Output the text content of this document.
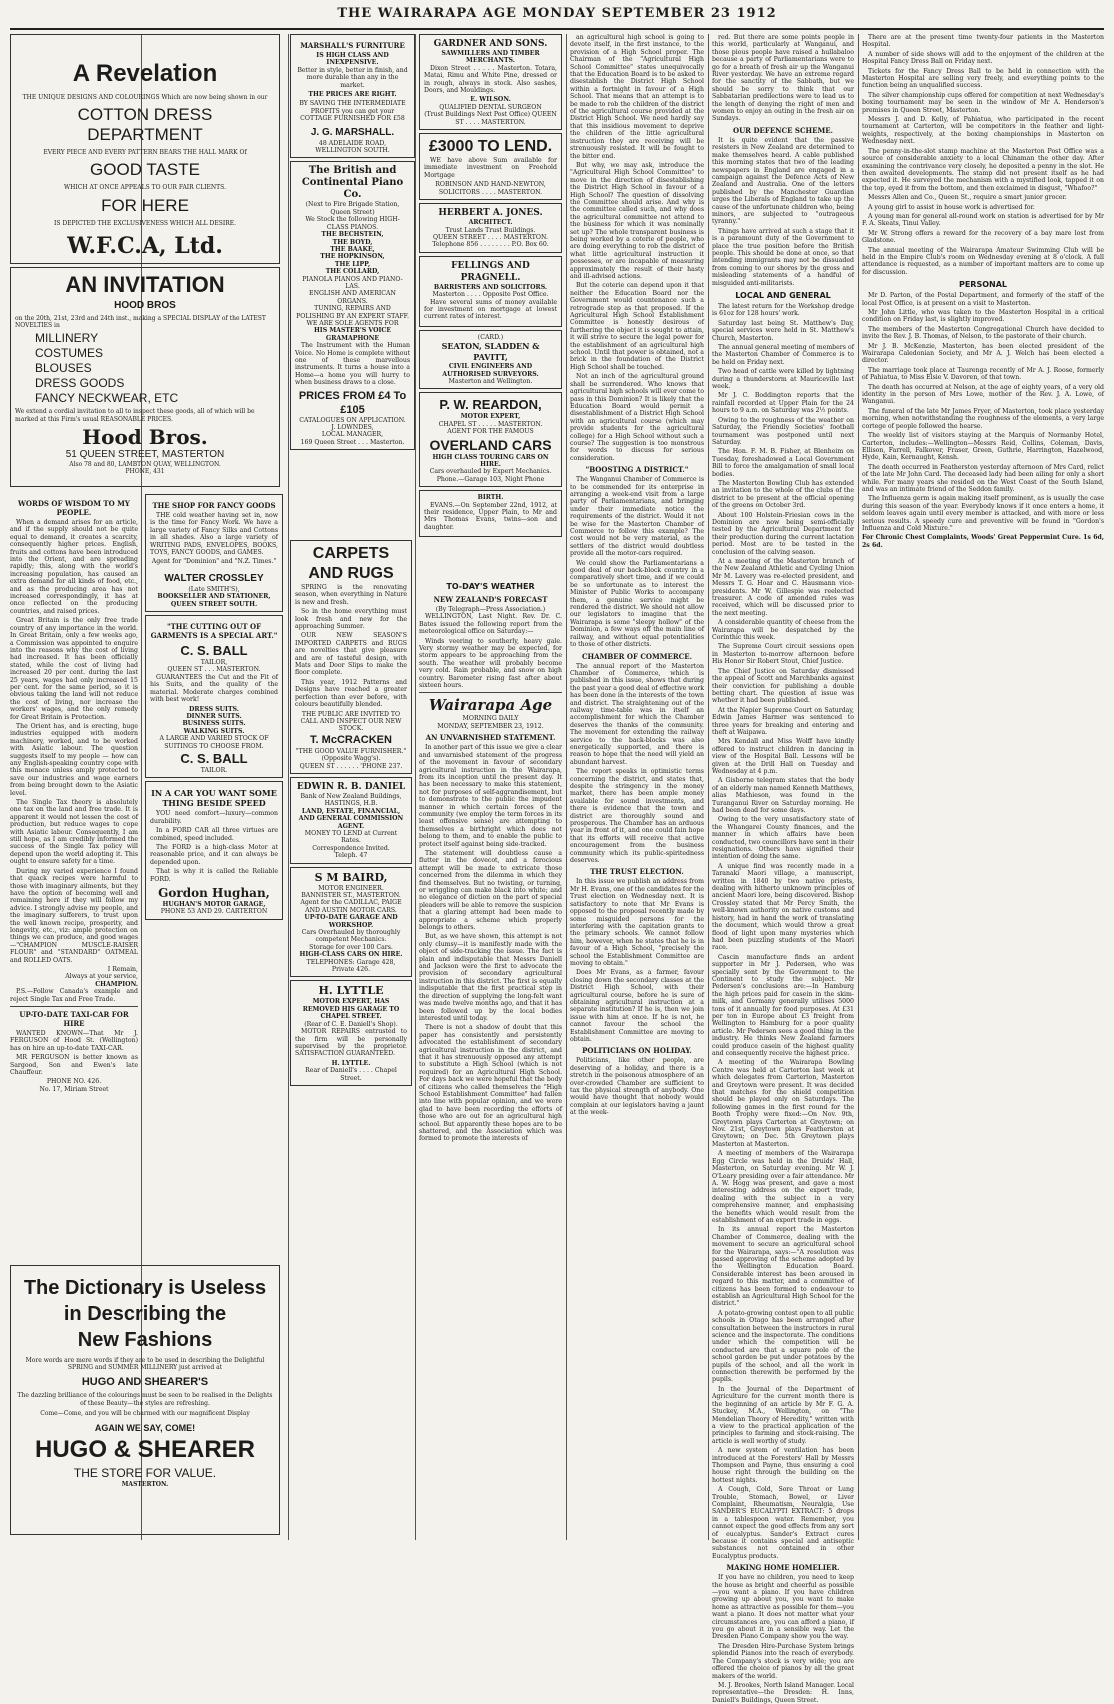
THE WAIRARAPA AGE MONDAY SEPTEMBER 23 1912
A Revelation
THE UNIQUE DESIGNS AND COLOURINGS Which are now being shown in our
COTTON DRESS
DEPARTMENT
EVERY PIECE AND EVERY PATTERN BEARS THE HALL MARK Of
GOOD TASTE
WHICH AT ONCE APPEALS TO OUR FAIR CLIENTS.
FOR HERE
IS DEPICTED THE EXCLUSIVENESS WHICH ALL DESIRE.
W.F.C.A, Ltd.
AN INVITATION
HOOD BROS
on the 20th, 21st, 23rd and 24th inst., making a SPECIAL DISPLAY of the LATEST NOVELTIES in
MILLINERY
COSTUMES
BLOUSES
DRESS GOODS
FANCY NECKWEAR, ETC
We extend a cordial invitation to all to inspect these goods, all of which will be marked at this Firm's usual REASONABLE PRICES.
Hood Bros.
51 QUEEN STREET, MASTERTON
Also 78 and 80, LAMBTON QUAY, WELLINGTON.
PHONE, 431
WORDS OF WISDOM TO MY PEOPLE.

When a demand arises for an article, and if the supply should not be quite equal to demand, it creates a scarcity, consequently higher prices. English, fruits and cottons have been introduced into the Orient, and are spreading rapidly; this, along with the world's increasing population, has caused an extra demand for all kinds of food, etc., and as the producing area has not increased correspondingly, it has at once reflected on the producing countries, and raised prices.

Great Britain is the only free trade country of any importance in the world. In Great Britain, only a few weeks ago, a Commission was appointed to enquire into the reasons why the cost of living had increased. It has been officially stated, while the cost of living had increased 20 per cent. during the last 25 years, wages had only increased 15 per cent. for the same period, so it is obvious taking the land will not reduce the cost of living, nor increase the workers' wages, and the only remedy for Great Britain is Protection.

The Orient has, and is erecting, huge industries equipped with modern machinery, worked, and to be worked with Asiatic labour. The question suggests itself to my people — how can any English-speaking country cope with this menace unless amply protected to save our industries and wage earners from being brought down to the Asiatic level.

The Single Tax theory is absolutely one tax on the land and free trade. It is apparent it would not lessen the cost of production, but reduce wages to cope with Asiatic labour. Consequently, I am still hope, as I am credibly informed the success of the Single Tax policy will depend upon the world adopting it. This ought to ensure safety for a time.

During my varied experience I found that quack recipes were harmful to those with imaginary ailments, but they have the option of becoming well and remaining here if they will follow my advice. I strongly advise my people, and the imaginary sufferers, to trust upon the well known recipe, prosperity, and longevity, etc., viz: ample protection on things we can produce, and good wages—"CHAMPION MUSCLE-RAISER FLOUR" and "STANDARD" OATMEAL and ROLLED OATS.

I Remain,
Always at your service,
CHAMPION.

P.S.—Follow Canada's example and reject Single Tax and Free Trade.

UP-TO-DATE TAXI-CAR FOR HIRE

WANTED KNOWN—That Mr J. FERGUSON of Hood St. (Wellington) has on hire an up-to-date TAXI-CAR.

MR FERGUSON is better known as Sargood, Son and Ewen's late Chauffeur.

PHONE NO. 426.
No. 17, Miriam Street
The Dictionary is Useless
in Describing the
New Fashions
More words are mere words if they are to be used in describing the Delightful SPRING and SUMMER MILLINERY just arrived at
HUGO AND SHEARER'S
The dazzling brilliance of the colourings must be seen to be realised in the Delights of these Beauty—the styles are refreshing.
Come—Come, and you will be charmed with our magnificent Display
AGAIN WE SAY, COME!
HUGO & SHEARER
THE STORE FOR VALUE.
MASTERTON.
THE SHOP FOR FANCY GOODS

THE cold weather having set in, now is the time for Fancy Work. We have a large variety of Fancy Silks and Cottons in all shades. Also a large variety of WRITING PADS, ENVELOPES, BOOKS, TOYS, FANCY GOODS, and GAMES.

Agent for "Dominion" and "N.Z. Times."
WALTER CROSSLEY
(Late SMITH'S),
BOOKSELLER AND STATIONER, QUEEN STREET SOUTH.
"THE CUTTING OUT OF GARMENTS IS A SPECIAL ART."
C. S. BALL
TAILOR,
QUEEN ST . . . MASTERTON.

GUARANTEES the Cut and the Fit of his Suits, and the quality of the material. Moderate charges combined with best work!

DRESS SUITS.
DINNER SUITS.
BUSINESS SUITS.
WALKING SUITS.
A LARGE AND VARIED STOCK OF SUITINGS TO CHOOSE FROM.
C. S. BALL
TAILOR.
IN A CAR YOU WANT SOME THING BESIDE SPEED

YOU need comfort—luxury—common durability.

In a FORD CAR all three virtues are combined, speed included.

The FORD is a high-class Motor at reasonable price, and it can always be depended upon.

That is why it is called the Reliable FORD.

Gordon Hughan,
HUGHAN'S MOTOR GARAGE,
PHONE 53 AND 29. CARTERTON
MARSHALL'S FURNITURE
IS HIGH CLASS AND INEXPENSIVE.
Better in style, better in finish, and more durable than any in the market.
THE PRICES ARE RIGHT.
BY SAVING THE INTERMEDIATE PROFITS you can get your COTTAGE FURNISHED FOR £58
J. G. MARSHALL.
48 ADELAIDE ROAD,
WELLINGTON SOUTH.
The British and Continental Piano Co.
(Next to Fire Brigade Station, Queen Street)
We Stock the following HIGH-CLASS PIANOS.
THE BECHSTEIN,
THE BOYD,
THE BAAKE,
THE HOPKINSON,
THE LIPP,
THE COLLARD,
PIANOLA PIANOS AND PIANO-LAS.
ENGLISH AND AMERICAN ORGANS.
TUNING, REPAIRS AND POLISHING BY AN EXPERT STAFF.
WE ARE SOLE AGENTS FOR
HIS MASTER'S VOICE GRAMAPHONE

The Instrument with the Human Voice. No Home is complete without one of these marvellous instruments. It turns a house into a Home—a home you will hurry to when business draws to a close.

PRICES FROM £4 To £105
CATALOGUES ON APPLICATION.
J. LOWNDES,
LOCAL MANAGER,
169 Queen Street . . . Masterton.
CARPETS AND RUGS

SPRING is the renovating season, when everything in Nature is new and fresh.

So in the home everything must look fresh and new for the approaching Summer.

OUR NEW SEASON'S IMPORTED CARPETS and RUGS are novelties that give pleasure and are of tasteful design, with Mats and Door Slips to make the floor complete.

This year, 1912 Patterns and Designs have reached a greater perfection than ever before, with colours beautifully blended.

THE PUBLIC ARE INVITED TO CALL AND INSPECT OUR NEW STOCK.
T. McCRACKEN
"THE GOOD VALUE FURNISHER."
(Opposite Wagg's).
QUEEN ST . . . . . . 'PHONE 237.
EDWIN R. B. DANIEL
Bank of New Zealand Buildings,
HASTINGS, H.B.
LAND, ESTATE, FINANCIAL, AND GENERAL COMMISSION AGENT.
MONEY TO LEND at Current Rates.
Correspondence Invited.
Teleph. 47
S M BAIRD,
MOTOR ENGINEER.
BANNISTER ST., MASTERTON.
Agent for the CADILLAC, PAIGE AND AUSTIN MOTOR CARS.
UP-TO-DATE GARAGE AND WORKSHOP.
Cars Overhauled by thoroughly competent Mechanics.
Storage for over 100 Cars.
HIGH-CLASS CARS ON HIRE.
TELEPHONES: Garage 428, Private 426.
H. LYTTLE
MOTOR EXPERT, HAS REMOVED HIS GARAGE TO CHAPEL STREET.
(Rear of C. E. Daniell's Shop).

MOTOR REPAIRS entrusted to the firm will be personally supervised by the proprietor. SATISFACTION GUARANTEED.

H. LYTTLE.
Rear of Daniell's . . . . Chapel Street.
GARDNER AND SONS.
SAWMILLERS AND TIMBER MERCHANTS.

Dixon Street . . . . . Masterton. Totara, Matai, Rimu and White Pine, dressed or in rough, always in stock. Also sashes, Doors, and Mouldings.

E. WILSON.
QUALIFIED DENTAL SURGEON
(Trust Buildings Next Post Office) QUEEN ST . . . . MASTERTON.
£3000 TO LEND.

WE have above Sum available for immediate investment on Freehold Mortgage

ROBINSON AND HAND-NEWTON, SOLICITORS . . . . MASTERTON.
HERBERT A. JONES.
ARCHITECT.
Trust Lands Trust Buildings.
QUEEN STREET . . . . MASTERTON.
Telephone 856 . . . . . . . . P.O. Box 60.
FELLINGS AND PRAGNELL.
BARRISTERS AND SOLICITORS.
Masterton . . . . Opposite Post Office.

Have several sums of money available for investment on mortgage at lowest current rates of interest.

(CARD.)
SEATON, SLADDEN & PAVITT,
CIVIL ENGINEERS AND AUTHORISED SURVEYORS.
Masterton and Wellington.
P. W. REARDON,
MOTOR EXPERT,
CHAPEL ST . . . . . MASTERTON.
AGENT FOR THE FAMOUS
OVERLAND CARS
HIGH CLASS TOURING CARS ON HIRE.
Cars overhauled by Expert Mechanics.
Phone.—Garage 103, Night Phone
BIRTH.

EVANS.—On September 22nd, 1912, at their residence, Upper Plain, to Mr and Mrs Thomas Evans, twins—son and daughter.

TO-DAY'S WEATHER
NEW ZEALAND'S FORECAST
(By Telegraph—Press Association.)

WELLINGTON, Last Night. Rev. Dr. C. Bates issued the following report from the meteorological office on Saturday:—

Winds veering to southerly, heavy gale. Very stormy weather may be expected, for storm appears to be approaching from the south. The weather will probably become very cold. Rain probable, and snow on high country. Barometer rising fast after about sixteen hours.

Wairarapa Age
MORNING DAILY
MONDAY, SEPTEMBER 23, 1912.
AN UNVARNISHED STATEMENT.

In another part of this issue we give a clear and unvarnished statement of the progress of the movement in favour of secondary agricultural instruction in the Wairarapa, from its inception until the present day. It has been necessary to make this statement, not for purposes of self-aggrandisement, but to demonstrate to the public the impudent manner in which certain forces of the community (we employ the term forces in its least offensive sense) are attempting to themselves a birthright which does not belong to them, and to enable the public to protect itself against being side-tracked.

The statement will doubtless cause a flutter in the dovecot, and a ferocious attempt will be made to extricate those concerned from the dilemma in which they find themselves. But no twisting, or turning, or wriggling can make black into white; and no elegance of diction on the part of special pleaders will be able to remove the suspicion that a glaring attempt had been made to appropriate a scheme which properly belongs to others.

But, as we have shown, this attempt is not only clumsy—it is manifestly made with the object of side-tracking the issue. The fact is plain and indisputable that Messrs Daniell and Jackson were the first to advocate the provision of secondary agricultural instruction in this district. The first is equally indisputable that the first practical step in the direction of supplying the long-felt want was made twelve months ago, and that it has been followed up by the local bodies interested until today.

There is not a shadow of doubt that this paper has consistently and persistently advocated the establishment of secondary agricultural instruction in the district, and that it has strenuously opposed any attempt to substitute a High School (which is not required) for an Agricultural High School. For days back we were hopeful that the body of citizens who called themselves the "High School Establishment Committee" had fallen into line with popular opinion, and we were glad to have been recording the efforts of those who are out for an agricultural high school. But apparently these hopes are to be shattered, and the Association which was formed to promote the interests of

an agricultural high school is going to devote itself, in the first instance, to the provision of a High School proper. The Chairman of the "Agricultural High School Committee" states unequivocally that the Education Board is to be asked to disestablish the District High School within a fortnight in favour of a High School. That means that an attempt is to be made to rob the children of the district of the agricultural course provided at the District High School. We need hardly say that this insidious movement to deprive the children of the little agricultural instruction they are receiving will be strenuously resisted. It will be fought to the bitter end.

But why, we may ask, introduce the "Agricultural High School Committee" to move in the direction of disestablishing the District High School in favour of a High School? The question of dissolving the Committee should arise. And why is the committee called such, and why does the agricultural committee not attend to the business for which it was nominally set up? The whole transparent business is being worked by a coterie of people, who are doing everything to rob the district of what little agricultural instruction it possesses, or are incapable of measuring approximately the result of their hasty and ill-advised actions.

But the coterie can depend upon it that neither the Education Board nor the Government would countenance such a retrograde step as that proposed. If the Agricultural High School Establishment Committee is honestly desirous of furthering the object it is sought to attain, it will strive to secure the legal power for the establishment of an agricultural high school. Until that power is obtained, not a brick in the foundation of the District High School shall be touched.

Not an inch of the agricultural ground shall be surrendered. Who knows that agricultural high schools will ever come to pass in this Dominion? It is likely that the Education Board would permit a disestablishment of a District High School with an agricultural course (which may provide students for the agricultural college) for a High School without such a course? The suggestion is too monstrous for words to discuss for serious consideration.

"BOOSTING A DISTRICT."

The Wanganui Chamber of Commerce is to be commended for its enterprise in arranging a week-end visit from a large party of Parliamentarians, and bringing under their immediate notice the requirements of the district. Would it not be wise for the Masterton Chamber of Commerce to follow this example? The cost would not be very material, as the settlers of the district would doubtless provide all the motor-cars required.

We could show the Parliamentarians a good deal of our back-block country in a comparatively short time, and if we could be so unfortunate as to interest the Minister of Public Works to accompany them, a genuine service might be rendered the district. We should not allow our legislators to imagine that the Wairarapa is some "sleepy hollow" of the Dominion, a few ways off the main line of railway, and without equal potentialities to those of other districts.

CHAMBER OF COMMERCE.

The annual report of the Masterton Chamber of Commerce, which is published in this issue, shows that during the past year a good deal of effective work has been done in the interests of the town and district. The straightening out of the railway time-table was in itself an accomplishment for which the Chamber deserves the thanks of the community. The movement for extending the railway service to the back-blocks was also energetically supported, and there is reason to hope that the need will yield an abundant harvest.

The report speaks in optimistic terms concerning the district, and states that, despite the stringency in the money market, there has been ample money available for sound investments, and there is evidence that the town and district are thoroughly sound and prosperous. The Chamber has an arduous year in front of it, and one could fain hope that its efforts will receive that active encouragement from the business community which its public-spiritedness deserves.

THE TRUST ELECTION.

In this issue we publish an address from Mr H. Evans, one of the candidates for the Trust election on Wednesday next. It is satisfactory to note that Mr Evans is opposed to the proposal recently made by some misguided persons for the interfering with the capitation grants to the primary schools. We cannot follow him, however, when he states that he is in favour of a High School, "precisely the school the Establishment Committee are moving to obtain."

Does Mr Evans, as a farmer, favour closing down the secondary classes at the District High School, with their agricultural course, before he is sure of obtaining agricultural instruction at a separate institution? If he is, then we join issue with him at once. If he is not, he cannot favour the school the Establishment Committee are moving to obtain.

POLITICIANS ON HOLIDAY.

Politicians, like other people, are deserving of a holiday, and there is a stretch in the poisonous atmosphere of an over-crowded Chamber are sufficient to tax the physical strength of anybody. One would have thought that nobody would complain at our legislators having a jaunt at the week-

red. But there are some points people in this world, particularly at Wanganui, and those pious people have raised a hullabaloo because a party of Parliamentarians were to go for a breath of fresh air up the Wanganui River yesterday. We have an extreme regard for the sanctity of the Sabbath, but we should be sorry to think that our Sabbatarian predilections were to lead us to the length of denying the right of men and women to enjoy an outing in the fresh air on Sundays.

OUR DEFENCE SCHEME.

It is quite evident that the passive resisters in New Zealand are determined to make themselves heard. A cable published this morning states that two of the leading newspapers in England are engaged in a campaign against the Defence Acts of New Zealand and Australia. One of the letters published by the Manchester Guardian urges the Liberals of England to take up the cause of the unfortunate children who, being minors, are subjected to "outrageous tyranny."

Things have arrived at such a stage that it is a paramount duty of the Government to place the true position before the British people. This should be done at once, so that intending immigrants may not be dissuaded from coming to our shores by the gross and misleading statements of a handful of misguided anti-militarists.

LOCAL AND GENERAL

The latest return for the Workshop dredge is 61oz for 128 hours' work.

Saturday last being St. Matthew's Day, special services were held in St. Matthew's Church, Masterton.

The annual general meeting of members of the Masterton Chamber of Commerce is to be held on Friday next.

Two head of cattle were killed by lightning during a thunderstorm at Mauriceville last week.

Mr J. C. Boddington reports that the rainfall recorded at Upper Plain for the 24 hours to 9 a.m. on Saturday was 2½ points.

Owing to the roughness of the weather on Saturday, the Friendly Societies' football tournament was postponed until next Saturday.

The Hon. F. M. B. Fisher, at Blenheim on Tuesday, foreshadowed a Local Government Bill to force the amalgamation of small local bodies.

The Masterton Bowling Club has extended an invitation to the whole of the clubs of the district to be present at the official opening of the greens on October 3rd.

About 100 Holstein-Friesian cows in the Dominion are now being semi-officially tested by the Agricultural Department for their production during the current lactation period. Most are to be tested in the conclusion of the calving season.

At a meeting of the Masterton branch of the New Zealand Athletic and Cycling Union Mr M. Lavery was re-elected president, and Messrs T. G. Hoar and C. Hausmann vice-presidents. Mr W. Gillespie was reelected treasurer. A code of amended rules was received, which will be discussed prior to the next meeting.

A considerable quantity of cheese from the Wairarapa will be despatched by the Corinthic this week.

The Supreme Court circuit sessions open in Masterton to-morrow afternoon before His Honor Sir Robert Stout, Chief Justice.

The Chief Justice on Saturday dismissed the appeal of Scott and Marchbanks against their conviction for publishing a double betting chart. The question at issue was whether it had been published.

At the Napier Supreme Court on Saturday, Edwin James Harmer was sentenced to three years for breaking and entering and theft at Waipawa.

Mrs Kendall and Miss Wolff have kindly offered to instruct children in dancing in view of the Hospital Ball. Lessons will be given at the Drill Hall on Tuesday and Wednesday at 4 p.m.

A Gisborne telegram states that the body of an elderly man named Kenneth Matthews, alias Mathieson, was found in the Turanganui River on Saturday morning. He had been dead for some days.

Owing to the very unsatisfactory state of the Whangarei County finances, and the manner in which affairs have been conducted, two councillors have sent in their resignations. Others have signified their intention of doing the same.

A unique find was recently made in a Taranaki Maori village, a manuscript, written in 1840 by two native priests, dealing with hitherto unknown principles of ancient Maori lore, being discovered. Bishop Crossley stated that Mr Percy Smith, the well-known authority on native customs and history, had in hand the work of translating the document, which would throw a great flood of light upon many mysteries which had been puzzling students of the Maori race.

Cascin manufacture finds an ardent supporter in Mr J. Pedersen, who was specially sent by the Government to the Continent to study the subject. Mr Pedersen's conclusions are:—In Hamburg the high prices paid for casein in the skim-milk, and Germany generally utilises 5000 tons of it annually for food purposes. At £31 per ton in Europe about £3 freight from Wellington to Hamburg for a poor quality article. Mr Pedersen sees a good thing in the industry. He thinks New Zealand farmers could produce casein of the highest quality and consequently receive the highest price.

A meeting of the Wairarapa Bowling Centre was held at Carterton last week at which delegates from Carterton, Masterton and Greytown were present. It was decided that matches for the shield competition should be played only on Saturdays. The following games in the first round for the Booth Trophy were fixed:—On Nov. 9th, Greytown plays Carterton at Greytown; on Nov. 21st, Greytown plays Featherston at Greytown; on Dec. 5th Greytown plays Masterton at Masterton.

A meeting of members of the Wairarapa Egg Circle was held in the Druids' Hall, Masterton, on Saturday evening. Mr W. J. O'Leary presiding over a fair attendance. Mr A. W. Hogg was present, and gave a most interesting address on the export trade, dealing with the subject in a very comprehensive manner, and emphasising the benefits which would result from the establishment of an export trade in eggs.

In its annual report the Masterton Chamber of Commerce, dealing with the movement to secure an agricultural school for the Wairarapa, says:—"A resolution was passed approving of the scheme adopted by the Wellington Education Board. Considerable interest has been aroused in regard to this matter, and a committee of citizens has been formed to endeavour to establish an Agricultural High School for the district."

A potato-growing contest open to all public schools in Otago has been arranged after consultation between the instructors in rural science and the inspectorate. The conditions under which the competition will be conducted are that a square pole of the school garden be put under potatoes by the pupils of the school, and all the work in connection therewith be performed by the pupils.

In the Journal of the Department of Agriculture for the current month there is the beginning of an article by Mr F. G. A. Stuckey, M.A., Wellington, on "The Mendelian Theory of Heredity," written with a view to the practical application of the principles to farming and stock-raising. The article is well worthy of study.

A new system of ventilation has been introduced at the Foresters' Hall by Messrs Thompson and Payne, thus ensuring a cool house right through the building on the hottest nights.

A Cough, Cold, Sore Throat or Lung Trouble, Stomach, Bowel, or Liver Complaint, Rheumatism, Neuralgia, Use SANDER'S EUCALYPTI EXTRACT: 5 drops in a tablespoon water. Remember, you cannot expect the good effects from any sort of eucalyptus. Sander's Extract cures because it contains special and antiseptic substances not contained in other Eucalyptus products.

MAKING HOME HOMELIER.

If you have no children, you need to keep the house as bright and cheerful as possible—you want a piano. If you have children growing up about you, you want to make home as attractive as possible for them—you want a piano. It does not matter what your circumstances are, you can afford a piano, if you go about it in a sensible way. Let the Dresden Piano Company show you the way.

The Dresden Hire-Purchase System brings splendid Pianos into the reach of everybody. The Company's stock is very wide; you are offered the choice of pianos by all the great makers of the world.

M. J. Brookes, North Island Manager. Local representative—the Dresden: H. Inns, Daniell's Buildings, Queen Street.

There are at the present time twenty-four patients in the Masterton Hospital.

A number of side shows will add to the enjoyment of the children at the Hospital Fancy Dress Ball on Friday next.

Tickets for the Fancy Dress Ball to be held in connection with the Masterton Hospital are selling very freely, and everything points to the function being an unqualified success.

The silver championship cups offered for competition at next Wednesday's boxing tournament may be seen in the window of Mr A. Henderson's premises in Queen Street, Masterton.

Messrs J. and D. Kelly, of Pahiatua, who participated in the recent tournament at Carterton, will be competitors in the feather and light-weights, respectively, at the boxing championships in Masterton on Wednesday next.

The penny-in-the-slot stamp machine at the Masterton Post Office was a source of considerable anxiety to a local Chinaman the other day. After examining the contrivance very closely, he deposited a penny in the slot. He then awaited developments. The stamp did not present itself as he had expected it. He surveyed the mechanism with a mystified look, tapped it on the top, eyed it from the bottom, and then exclaimed in disgust, "Whafoo?"

Messrs Allen and Co., Queen St., require a smart junior grocer.

A young girl to assist in house work is advertised for.

A young man for general all-round work on station is advertised for by Mr F. A. Skeats, Tinui Valley.

Mr W. Strong offers a reward for the recovery of a bay mare lost from Gladstone.

The annual meeting of the Wairarapa Amateur Swimming Club will be held in the Empire Club's room on Wednesday evening at 8 o'clock. A full attendance is requested, as a number of important matters are to come up for discussion.

PERSONAL

Mr D. Parton, of the Postal Department, and formerly of the staff of the local Post Office, is at present on a visit to Masterton.

Mr John Little, who was taken to the Masterton Hospital in a critical condition on Friday last, is slightly improved.

The members of the Masterton Congregational Church have decided to invite the Rev. J. B. Thomas, of Nelson, to the pastorate of their church.

Mr J. B. McKenzie, Masterton, has been elected president of the Wairarapa Caledonian Society, and Mr A. J. Welch has been elected a director.

The marriage took place at Taurenga recently of Mr A. J. Roose, formerly of Pahiatua, to Miss Elsie V. Davoren, of that town.

The death has occurred at Nelson, at the age of eighty years, of a very old identity in the person of Mrs Lowe, mother of the Rev. J. A. Lowe, of Wanganui.

The funeral of the late Mr James Fryer, of Masterton, took place yesterday morning, when notwithstanding the roughness of the elements, a very large cortege of people followed the hearse.

The weekly list of visitors staying at the Marquis of Normanby Hotel, Carterton, includes:—Wellington—Messrs Reid, Collins, Coleman, Davis, Ellison, Farrell, Falkover, Fraser, Green, Guthrie, Harrington, Hazelwood, Hyde, Kain, Kernaught, Kensh.

The death occurred in Featherston yesterday afternoon of Mrs Card, relict of the late Mr John Card. The deceased lady had been ailing for only a short while. For many years she resided on the West Coast of the South Island, and was an intimate friend of the Seddon family.

The Influenza germ is again making itself prominent, as is usually the case during this season of the year. Everybody knows if it once enters a home, it seldom leaves again until every member is attacked, and with more or less serious results. A speedy cure and preventive will be found in "Gordon's Influenza and Cold Mixture."

For Chronic Chest Complaints, Woods' Great Peppermint Cure. 1s 6d, 2s 6d.
